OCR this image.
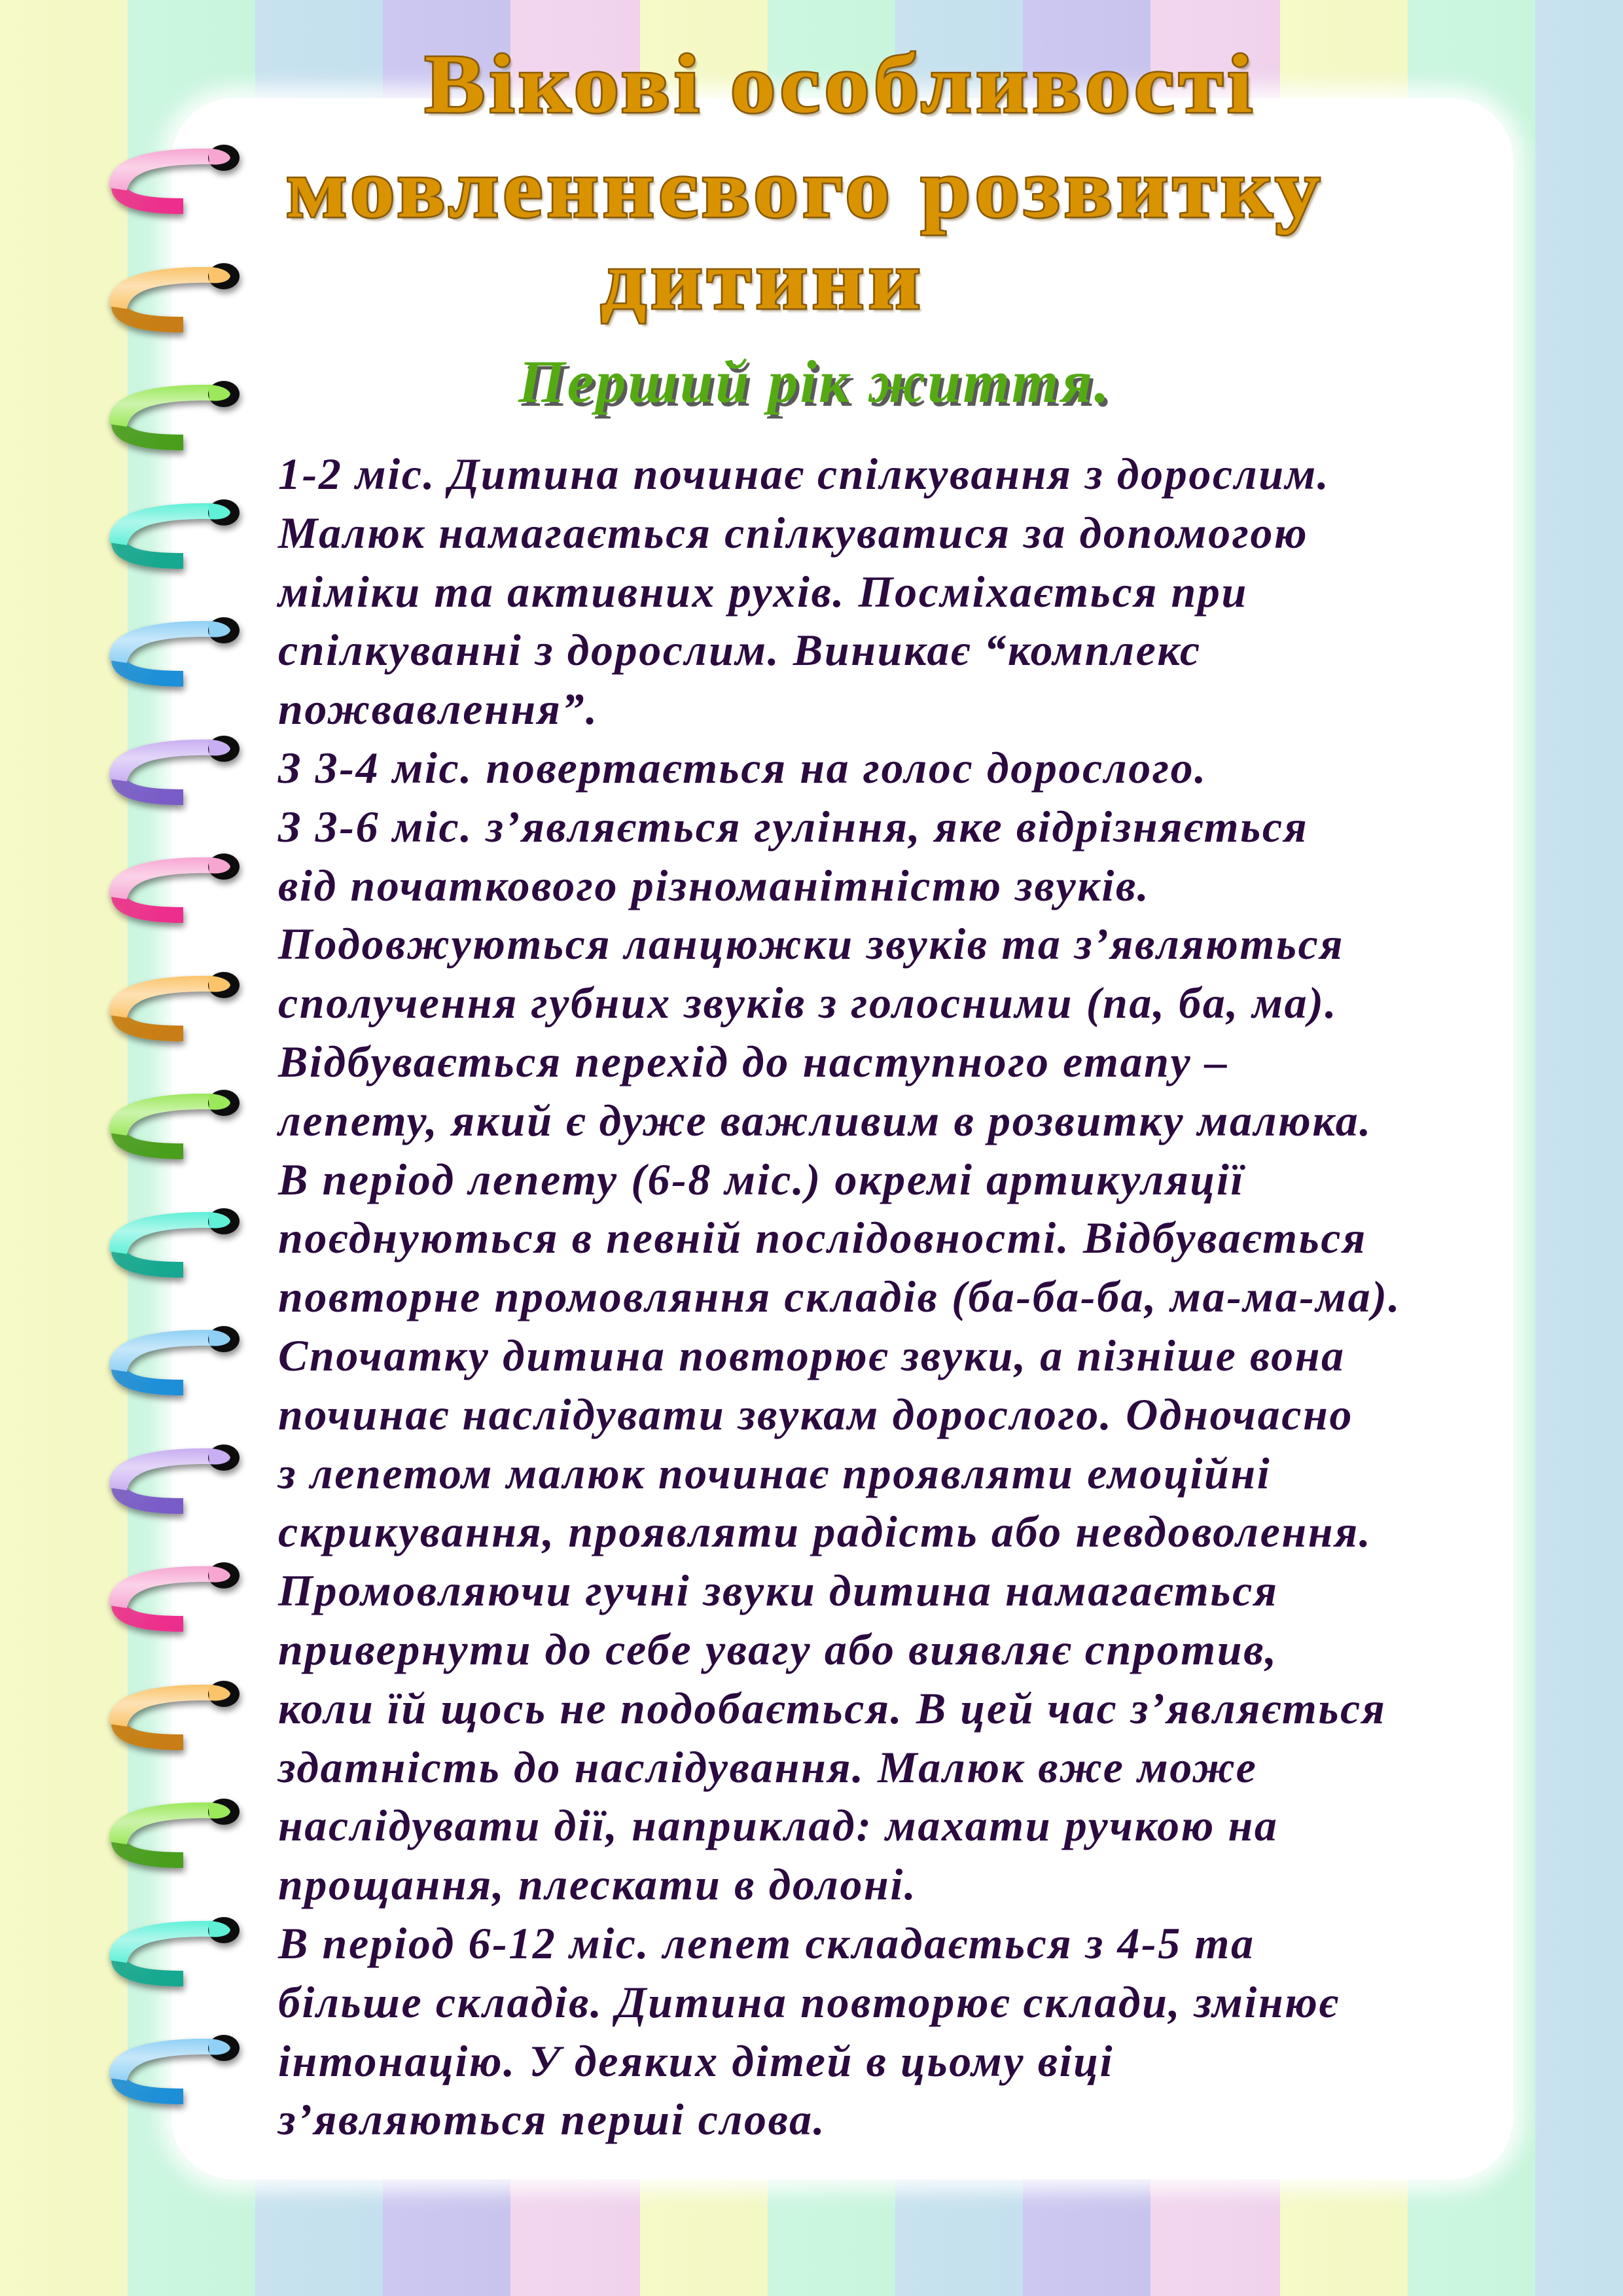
Вікові особливості
мовленнєвого розвитку
дитини
Перший рік життя.
1-2 міс. Дитина починає спілкування з дорослим.
Малюк намагається спілкуватися за допомогою
міміки та активних рухів. Посміхається при
спілкуванні з дорослим. Виникає “комплекс
пожвавлення”.
З 3-4 міс. повертається на голос дорослого.
З 3-6 міс. з’являється гуління, яке відрізняється
від початкового різноманітністю звуків.
Подовжуються ланцюжки звуків та з’являються
сполучення губних звуків з голосними (па, ба, ма).
Відбувається перехід до наступного етапу –
лепету, який є дуже важливим в розвитку малюка.
В період лепету (6-8 міс.) окремі артикуляції
поєднуються в певній послідовності. Відбувається
повторне промовляння складів (ба-ба-ба, ма-ма-ма).
Спочатку дитина повторює звуки, а пізніше вона
починає наслідувати звукам дорослого. Одночасно
з лепетом малюк починає проявляти емоційні
скрикування, проявляти радість або невдоволення.
Промовляючи гучні звуки дитина намагається
привернути до себе увагу або виявляє спротив,
коли їй щось не подобається. В цей час з’являється
здатність до наслідування. Малюк вже може
наслідувати дії, наприклад: махати ручкою на
прощання, плескати в долоні.
В період 6-12 міс. лепет складається з 4-5 та
більше складів. Дитина повторює склади, змінює
інтонацію. У деяких дітей в цьому віці
з’являються перші слова.
